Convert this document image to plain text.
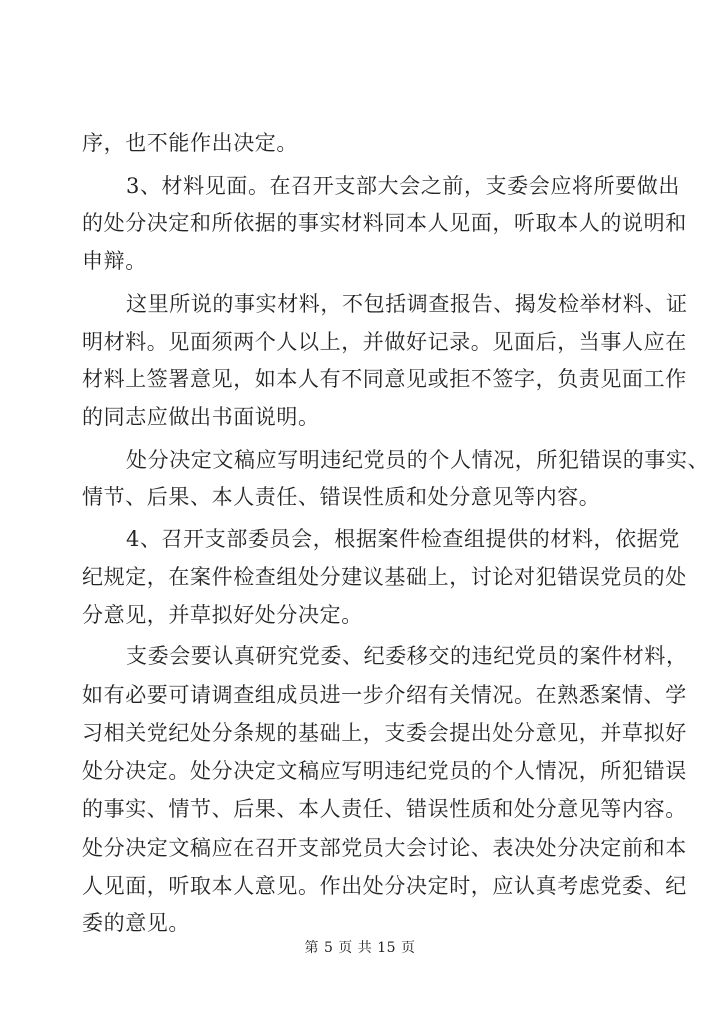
序，也不能作出决定。
3、材料见面。在召开支部大会之前，支委会应将所要做出
的处分决定和所依据的事实材料同本人见面，听取本人的说明和
申辩。
这里所说的事实材料，不包括调查报告、揭发检举材料、证
明材料。见面须两个人以上，并做好记录。见面后，当事人应在
材料上签署意见，如本人有不同意见或拒不签字，负责见面工作
的同志应做出书面说明。
处分决定文稿应写明违纪党员的个人情况，所犯错误的事实、
情节、后果、本人责任、错误性质和处分意见等内容。
4、召开支部委员会，根据案件检查组提供的材料，依据党
纪规定，在案件检查组处分建议基础上，讨论对犯错误党员的处
分意见，并草拟好处分决定。
支委会要认真研究党委、纪委移交的违纪党员的案件材料，
如有必要可请调查组成员进一步介绍有关情况。在熟悉案情、学
习相关党纪处分条规的基础上，支委会提出处分意见，并草拟好
处分决定。处分决定文稿应写明违纪党员的个人情况，所犯错误
的事实、情节、后果、本人责任、错误性质和处分意见等内容。
处分决定文稿应在召开支部党员大会讨论、表决处分决定前和本
人见面，听取本人意见。作出处分决定时，应认真考虑党委、纪
委的意见。
第 5 页 共 15 页
